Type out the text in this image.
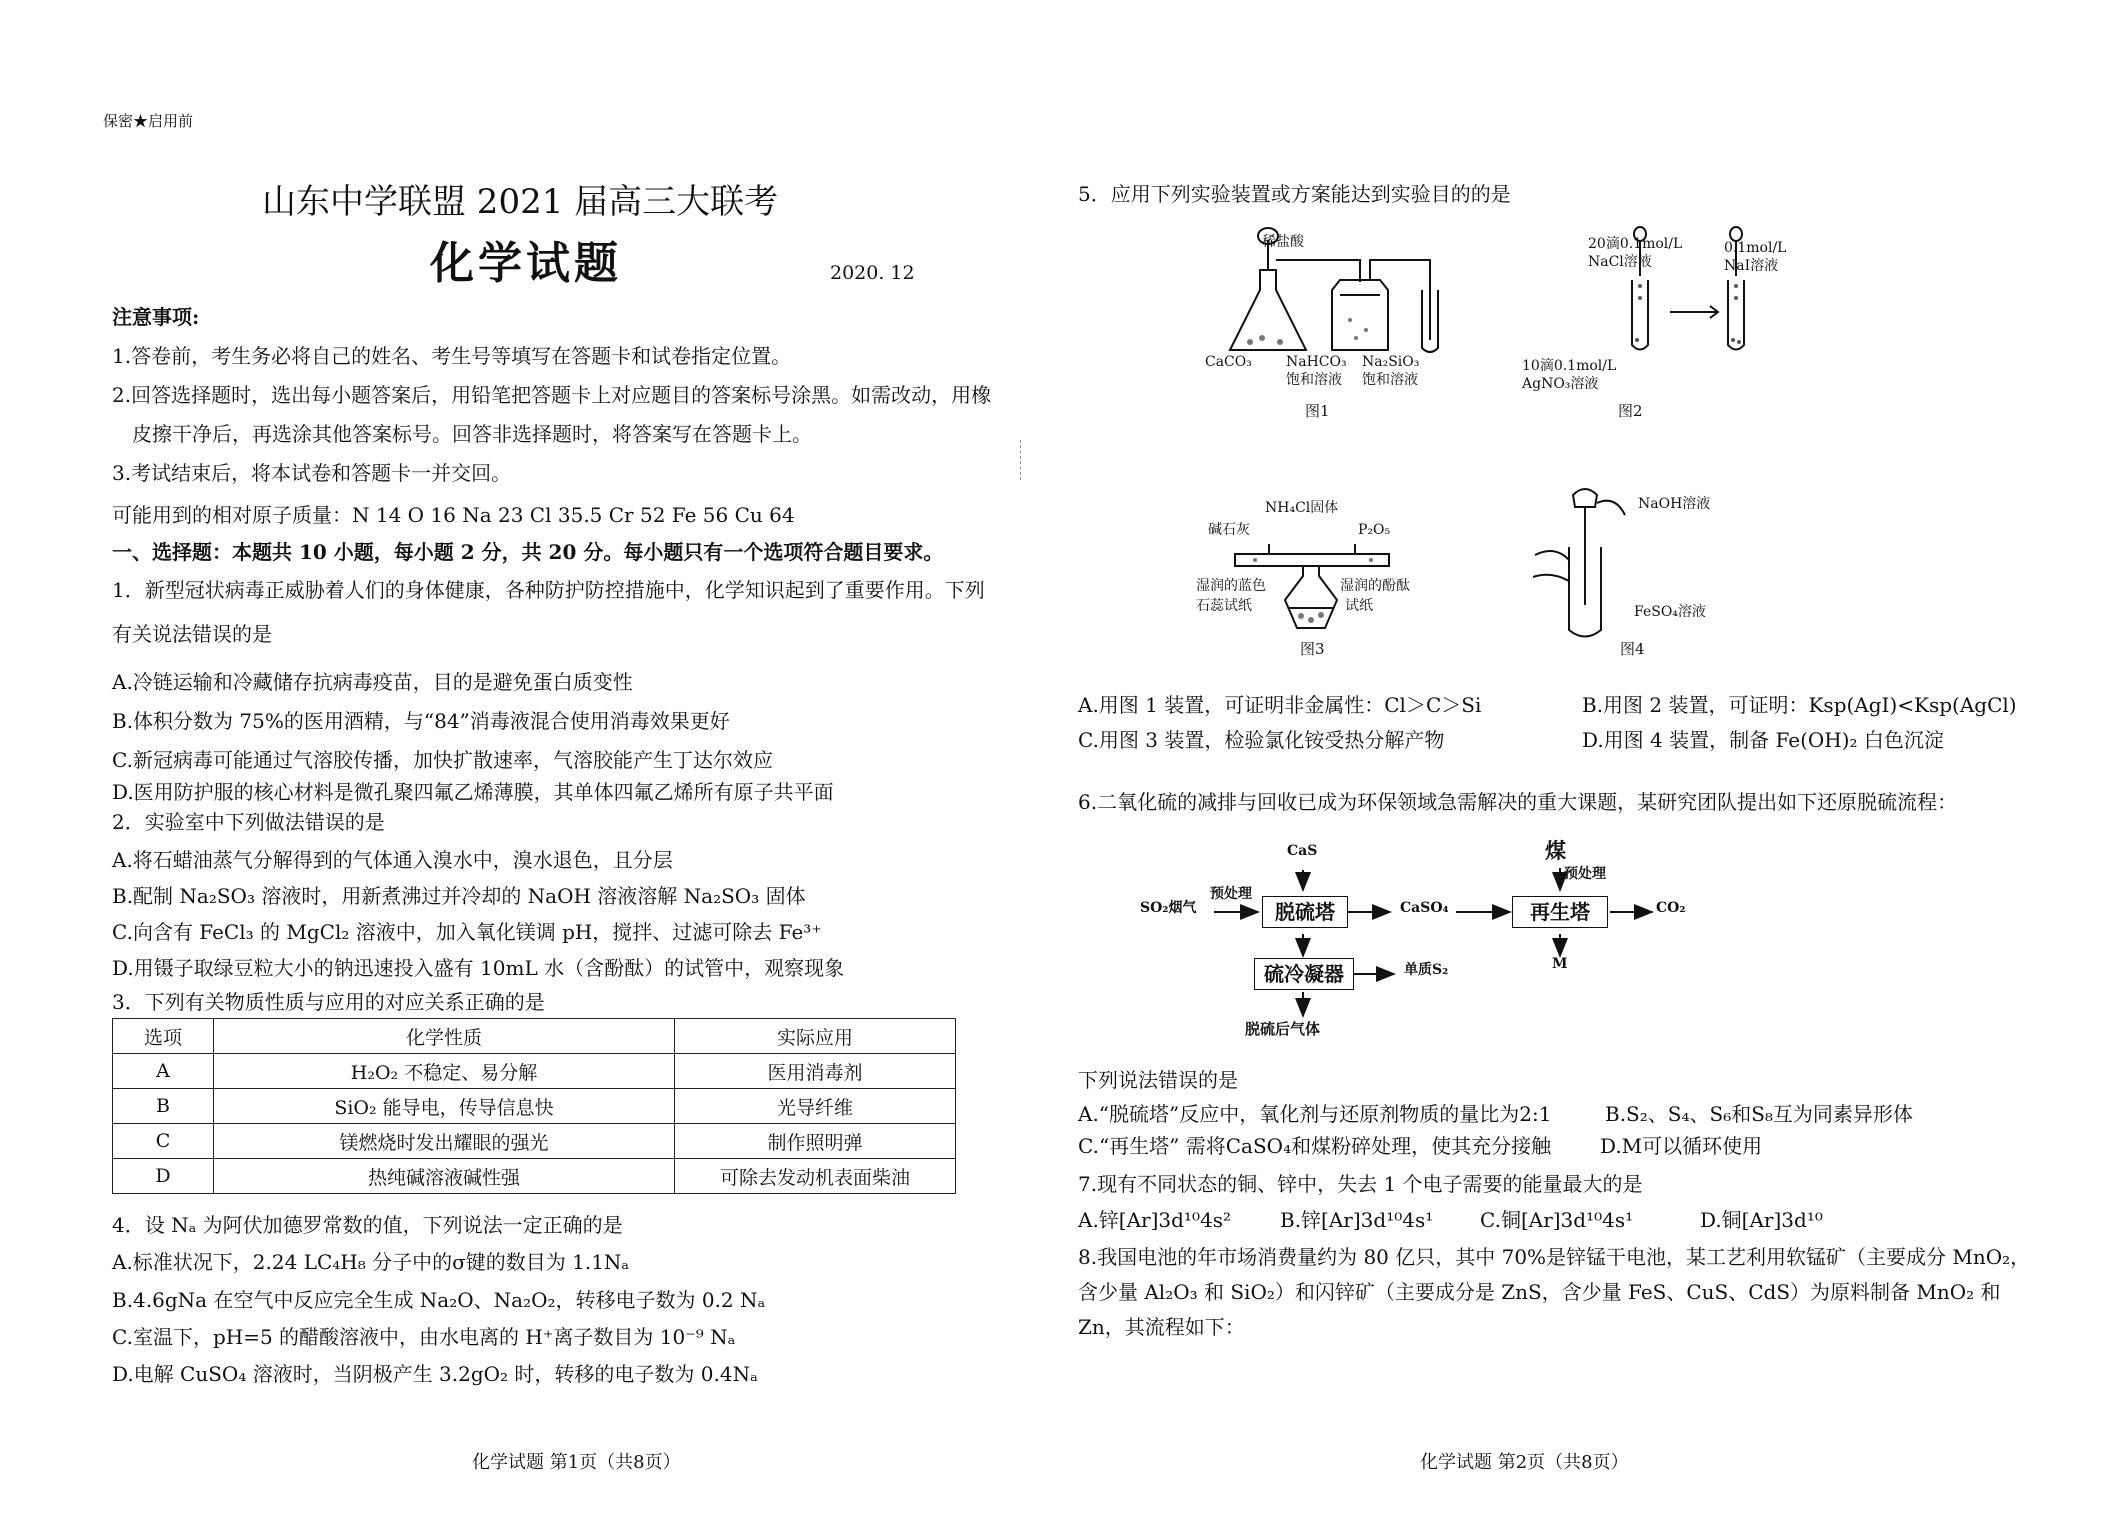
保密★启用前
山东中学联盟 2021 届高三大联考
化学试题	2020. 12
注意事项:
1.答卷前，考生务必将自己的姓名、考生号等填写在答题卡和试卷指定位置。
2.回答选择题时，选出每小题答案后，用铅笔把答题卡上对应题目的答案标号涂黑。如需改动，用橡
皮擦干净后，再选涂其他答案标号。回答非选择题时，将答案写在答题卡上。
3.考试结束后，将本试卷和答题卡一并交回。
可能用到的相对原子质量：N 14 O 16 Na 23 Cl 35.5 Cr 52 Fe 56 Cu 64
一、选择题：本题共 10 小题，每小题 2 分，共 20 分。每小题只有一个选项符合题目要求。
1．新型冠状病毒正威胁着人们的身体健康，各种防护防控措施中，化学知识起到了重要作用。下列
有关说法错误的是
A.冷链运输和冷藏储存抗病毒疫苗，目的是避免蛋白质变性
B.体积分数为 75%的医用酒精，与“84”消毒液混合使用消毒效果更好
C.新冠病毒可能通过气溶胶传播，加快扩散速率，气溶胶能产生丁达尔效应
D.医用防护服的核心材料是微孔聚四氟乙烯薄膜，其单体四氟乙烯所有原子共平面
2．实验室中下列做法错误的是
A.将石蜡油蒸气分解得到的气体通入溴水中，溴水退色，且分层
B.配制 Na₂SO₃ 溶液时，用新煮沸过并冷却的 NaOH 溶液溶解 Na₂SO₃ 固体
C.向含有 FeCl₃ 的 MgCl₂ 溶液中，加入氧化镁调 pH，搅拌、过滤可除去 Fe³⁺
D.用镊子取绿豆粒大小的钠迅速投入盛有 10mL 水（含酚酞）的试管中，观察现象
3．下列有关物质性质与应用的对应关系正确的是
选项	化学性质	实际应用
A	H₂O₂ 不稳定、易分解	医用消毒剂
B	SiO₂ 能导电，传导信息快	光导纤维
C	镁燃烧时发出耀眼的强光	制作照明弹
D	热纯碱溶液碱性强	可除去发动机表面柴油
4．设 Nₐ 为阿伏加德罗常数的值，下列说法一定正确的是
A.标准状况下，2.24 LC₄H₈ 分子中的σ键的数目为 1.1Nₐ
B.4.6gNa 在空气中反应完全生成 Na₂O、Na₂O₂，转移电子数为 0.2 Nₐ
C.室温下，pH=5 的醋酸溶液中，由水电离的 H⁺离子数目为 10⁻⁹ Nₐ
D.电解 CuSO₄ 溶液时，当阴极产生 3.2gO₂ 时，转移的电子数为 0.4Nₐ
化学试题 第1页（共8页）
5．应用下列实验装置或方案能达到实验目的的是
稀盐酸
CaCO₃ NaHCO₃
饱和溶液
Na₂SiO₃
饱和溶液
图1
20滴0.1mol/L
NaCl溶液
0.1mol/L
NaI溶液
10滴0.1mol/L
AgNO₃溶液
图2
NH₄Cl固体
碱石灰	P₂O₅
湿润的蓝色
石蕊试纸
湿润的酚酞
试纸
图3
NaOH溶液
FeSO₄溶液
图4
A.用图 1 装置，可证明非金属性：Cl＞C＞Si	B.用图 2 装置，可证明：Ksp(AgI)<Ksp(AgCl)
C.用图 3 装置，检验氯化铵受热分解产物	D.用图 4 装置，制备 Fe(OH)₂ 白色沉淀
6.二氧化硫的减排与回收已成为环保领域急需解决的重大课题，某研究团队提出如下还原脱硫流程：
CaS
SO₂烟气
预处理
脱硫塔	CaSO₄
煤
预处理
再生塔	CO₂
M
硫冷凝器	单质S₂
脱硫后气体
下列说法错误的是
A.“脱硫塔”反应中，氧化剂与还原剂物质的量比为2:1	B.S₂、S₄、S₆和S₈互为同素异形体
C.“再生塔” 需将CaSO₄和煤粉碎处理，使其充分接触 D.M可以循环使用
7.现有不同状态的铜、锌中，失去 1 个电子需要的能量最大的是
A.锌[Ar]3d¹⁰4s² B.锌[Ar]3d¹⁰4s¹ C.铜[Ar]3d¹⁰4s¹	D.铜[Ar]3d¹⁰
8.我国电池的年市场消费量约为 80 亿只，其中 70%是锌锰干电池，某工艺利用软锰矿（主要成分 MnO₂，
含少量 Al₂O₃ 和 SiO₂）和闪锌矿（主要成分是 ZnS，含少量 FeS、CuS、CdS）为原料制备 MnO₂ 和
Zn，其流程如下：
化学试题 第2页（共8页）
